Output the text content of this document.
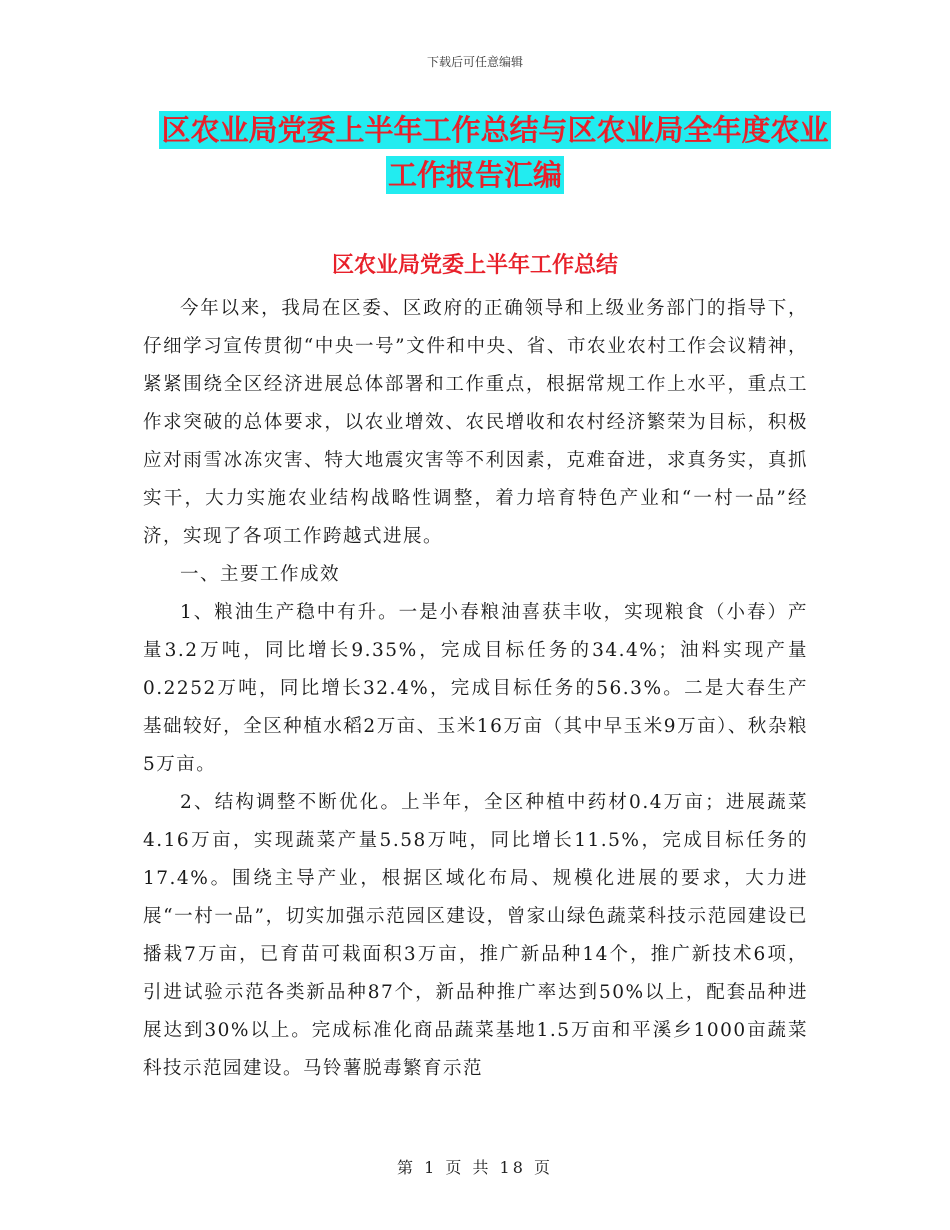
下载后可任意编辑
区农业局党委上半年工作总结与区农业局全年度农业
工作报告汇编
区农业局党委上半年工作总结

今年以来，我局在区委、区政府的正确领导和上级业务部门的指导下，仔细学习宣传贯彻“中央一号”文件和中央、省、市农业农村工作会议精神，紧紧围绕全区经济进展总体部署和工作重点，根据常规工作上水平，重点工作求突破的总体要求，以农业增效、农民增收和农村经济繁荣为目标，积极应对雨雪冰冻灾害、特大地震灾害等不利因素，克难奋进，求真务实，真抓实干，大力实施农业结构战略性调整，着力培育特色产业和“一村一品”经济，实现了各项工作跨越式进展。

一、主要工作成效

1、粮油生产稳中有升。一是小春粮油喜获丰收，实现粮食（小春）产量3.2万吨，同比增长9.35%，完成目标任务的34.4%；油料实现产量0.2252万吨，同比增长32.4%，完成目标任务的56.3%。二是大春生产基础较好，全区种植水稻2万亩、玉米16万亩（其中早玉米9万亩）、秋杂粮5万亩。

2、结构调整不断优化。上半年，全区种植中药材0.4万亩；进展蔬菜4.16万亩，实现蔬菜产量5.58万吨，同比增长11.5%，完成目标任务的17.4%。围绕主导产业，根据区域化布局、规模化进展的要求，大力进展“一村一品”，切实加强示范园区建设，曾家山绿色蔬菜科技示范园建设已播栽7万亩，已育苗可栽面积3万亩，推广新品种14个，推广新技术6项，引进试验示范各类新品种87个，新品种推广率达到50%以上，配套品种进展达到30%以上。完成标准化商品蔬菜基地1.5万亩和平溪乡1000亩蔬菜科技示范园建设。马铃薯脱毒繁育示范

第 1 页 共 18 页
